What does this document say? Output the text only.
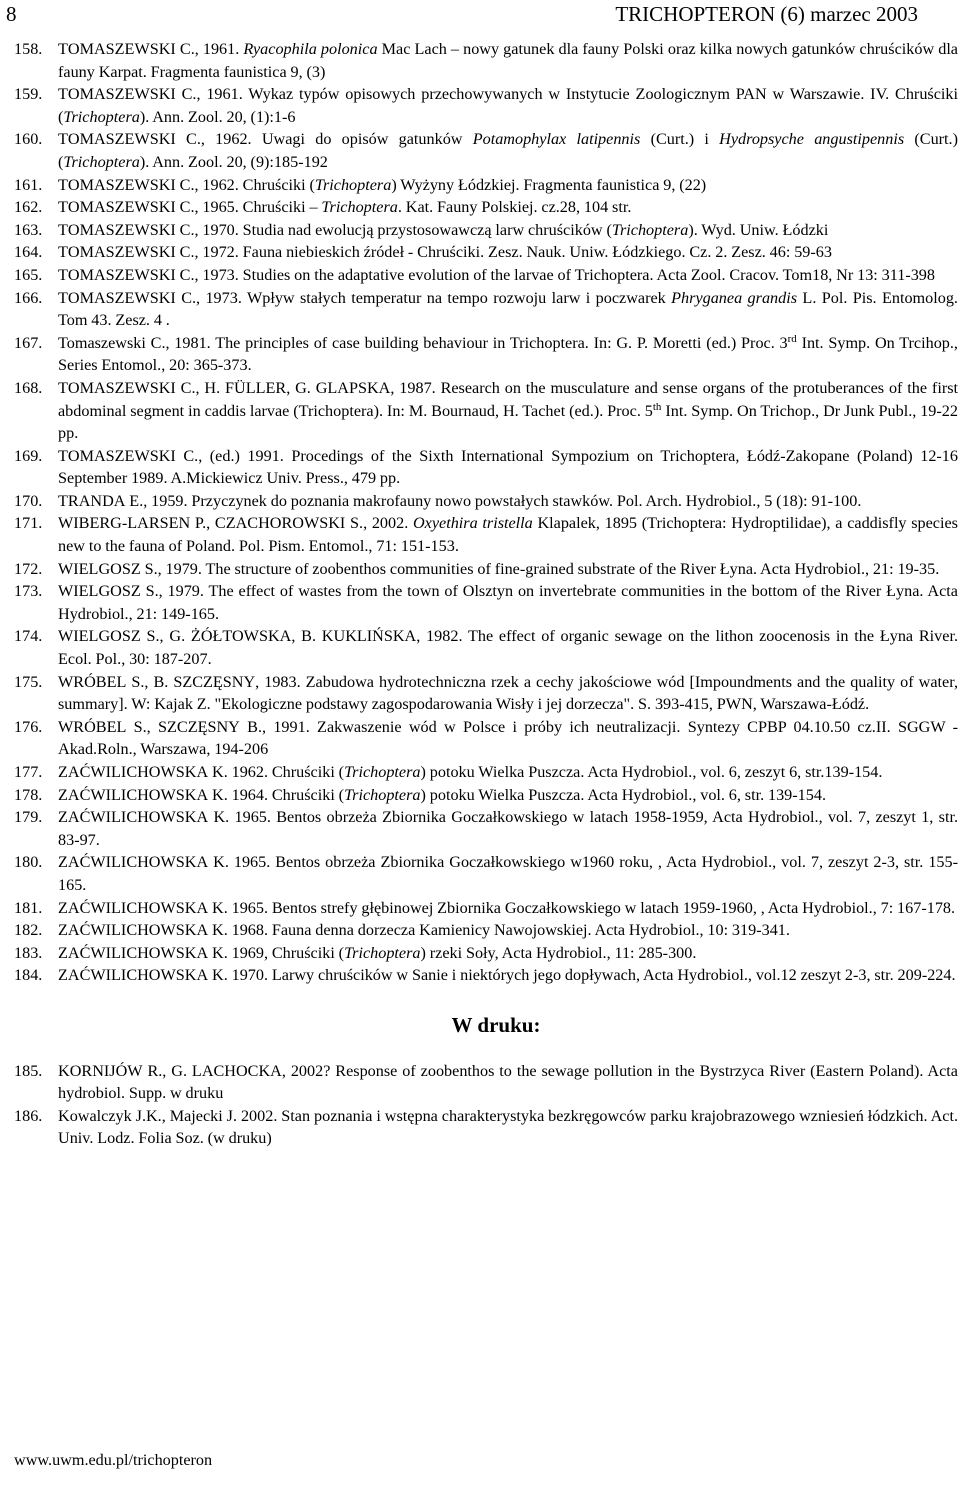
8	TRICHOPTERON (6) marzec 2003
158. TOMASZEWSKI C., 1961. Ryacophila polonica Mac Lach – nowy gatunek dla fauny Polski oraz kilka nowych gatunków chruścików dla fauny Karpat. Fragmenta faunistica 9, (3)
159. TOMASZEWSKI C., 1961. Wykaz typów opisowych przechowywanych w Instytucie Zoologicznym PAN w Warszawie. IV. Chruściki (Trichoptera). Ann. Zool. 20, (1):1-6
160. TOMASZEWSKI C., 1962. Uwagi do opisów gatunków Potamophylax latipennis (Curt.) i Hydropsyche angustipennis (Curt.) (Trichoptera). Ann. Zool. 20, (9):185-192
161. TOMASZEWSKI C., 1962. Chruściki (Trichoptera) Wyżyny Łódzkiej. Fragmenta faunistica 9, (22)
162. TOMASZEWSKI C., 1965. Chruściki – Trichoptera. Kat. Fauny Polskiej. cz.28, 104 str.
163. TOMASZEWSKI C., 1970. Studia nad ewolucją przystosowawczą larw chruścików (Trichoptera). Wyd. Uniw. Łódzki
164. TOMASZEWSKI C., 1972. Fauna niebieskich źródeł - Chruściki. Zesz. Nauk. Uniw. Łódzkiego. Cz. 2. Zesz. 46: 59-63
165. TOMASZEWSKI C., 1973. Studies on the adaptative evolution of the larvae of Trichoptera. Acta Zool. Cracov. Tom18, Nr 13: 311-398
166. TOMASZEWSKI C., 1973. Wpływ stałych temperatur na tempo rozwoju larw i poczwarek Phryganea grandis L. Pol. Pis. Entomolog. Tom 43. Zesz. 4 .
167. Tomaszewski C., 1981. The principles of case building behaviour in Trichoptera. In: G. P. Moretti (ed.) Proc. 3rd Int. Symp. On Trcihop., Series Entomol., 20: 365-373.
168. TOMASZEWSKI C., H. FÜLLER, G. GLAPSKA, 1987. Research on the musculature and sense organs of the protuberances of the first abdominal segment in caddis larvae (Trichoptera). In: M. Bournaud, H. Tachet (ed.). Proc. 5th Int. Symp. On Trichop., Dr Junk Publ., 19-22 pp.
169. TOMASZEWSKI C., (ed.) 1991. Procedings of the Sixth International Sympozium on Trichoptera, Łódź-Zakopane (Poland) 12-16 September 1989. A.Mickiewicz Univ. Press., 479 pp.
170. TRANDA E., 1959. Przyczynek do poznania makrofauny nowo powstałych stawków. Pol. Arch. Hydrobiol., 5 (18): 91-100.
171. WIBERG-LARSEN P., CZACHOROWSKI S., 2002. Oxyethira tristella Klapalek, 1895 (Trichoptera: Hydroptilidae), a caddisfly species new to the fauna of Poland. Pol. Pism. Entomol., 71: 151-153.
172. WIELGOSZ S., 1979. The structure of zoobenthos communities of fine-grained substrate of the River Łyna. Acta Hydrobiol., 21: 19-35.
173. WIELGOSZ S., 1979. The effect of wastes from the town of Olsztyn on invertebrate communities in the bottom of the River Łyna. Acta Hydrobiol., 21: 149-165.
174. WIELGOSZ S., G. ŻÓŁTOWSKA, B. KUKLIŃSKA, 1982. The effect of organic sewage on the lithon zoocenosis in the Łyna River. Ecol. Pol., 30: 187-207.
175. WRÓBEL S., B. SZCZĘSNY, 1983. Zabudowa hydrotechniczna rzek a cechy jakościowe wód [Impoundments and the quality of water, summary]. W: Kajak Z. "Ekologiczne podstawy zagospodarowania Wisły i jej dorzecza". S. 393-415, PWN, Warszawa-Łódź.
176. WRÓBEL S., SZCZĘSNY B., 1991. Zakwaszenie wód w Polsce i próby ich neutralizacji. Syntezy CPBP 04.10.50 cz.II. SGGW - Akad.Roln., Warszawa, 194-206
177. ZAĆWILICHOWSKA K. 1962. Chruściki (Trichoptera) potoku Wielka Puszcza. Acta Hydrobiol., vol. 6, zeszyt 6, str.139-154.
178. ZAĆWILICHOWSKA K. 1964. Chruściki (Trichoptera) potoku Wielka Puszcza. Acta Hydrobiol., vol. 6, str. 139-154.
179. ZAĆWILICHOWSKA K. 1965. Bentos obrzeża Zbiornika Goczałkowskiego w latach 1958-1959, Acta Hydrobiol., vol. 7, zeszyt 1, str. 83-97.
180. ZAĆWILICHOWSKA K. 1965. Bentos obrzeża Zbiornika Goczałkowskiego w1960 roku, , Acta Hydrobiol., vol. 7, zeszyt 2-3, str. 155-165.
181. ZAĆWILICHOWSKA K. 1965. Bentos strefy głębinowej Zbiornika Goczałkowskiego w latach 1959-1960, , Acta Hydrobiol., 7: 167-178.
182. ZAĆWILICHOWSKA K. 1968. Fauna denna dorzecza Kamienicy Nawojowskiej. Acta Hydrobiol., 10: 319-341.
183. ZAĆWILICHOWSKA K. 1969, Chruściki (Trichoptera) rzeki Soły, Acta Hydrobiol., 11: 285-300.
184. ZAĆWILICHOWSKA K. 1970. Larwy chruścików w Sanie i niektórych jego dopływach, Acta Hydrobiol., vol.12 zeszyt 2-3, str. 209-224.
W druku:
185. KORNIJÓW R., G. LACHOCKA, 2002? Response of zoobenthos to the sewage pollution in the Bystrzyca River (Eastern Poland). Acta hydrobiol. Supp. w druku
186. Kowalczyk J.K., Majecki J. 2002. Stan poznania i wstępna charakterystyka bezkręgowców parku krajobrazowego wzniesień łódzkich. Act. Univ. Lodz. Folia Soz. (w druku)
www.uwm.edu.pl/trichopteron
